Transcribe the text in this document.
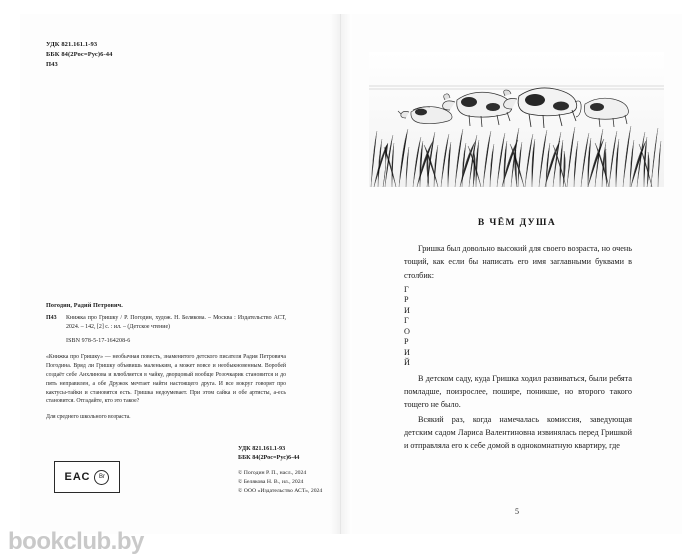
УДК 821.161.1-93
ББК 84(2Рос=Рус)6-44
П43

Погодин, Радий Петрович.

П43	Книжка про Гришку / Р. Погодин, худож. Н. Белякова. – Москва : Издательство АСТ, 2024. – 142, [2] с. : ил. – (Детское чтение)
ISBN 978-5-17-164208-6
«Книжка про Гришку» — необычная повесть, знаменитого детского писателя Радия Петровича Погодина. Вряд ли Гришку объявишь маленьким, а может вовсе и необыкновенным. Воробей создаёт себе Анхлинова и влюбляется в чайку, дворцовый вообще Розочкарик становится и до пять неправилен, а обе Дружок мечтает найти настоящего друга. И все вокруг говорят про кактусы-тайки и становятся есть. Гришка недоумевает. При этом сайка и обе артисты, а-есь становится. Отгадайте, кто это такое?
Для среднего школьного возраста.
УДК 821.161.1-93
ББК 84(2Рос=Рус)6-44
© Погодин Р. П., насл., 2024
© Белякова Н. В., ил., 2024
© ООО «Издательство АСТ», 2024
ЕАС	Br
В ЧЁМ ДУША

Гришка был довольно высокий для своего возраста, но очень тощий, как если бы написать его имя заглавными буквами в столбик:

Г
Р
И
Г
О
Р
И
Й

В детском саду, куда Гришка ходил развиваться, были ребята помладше, поизрослее, пошире, поникше, но второго такого тощего не было.

Всякий раз, когда намечалась комиссия, заведующая детским садом Лариса Валентиновна извинялась перед Гришкой и отправляла его к себе домой в однокомнатную квартиру, где

5
bookclub.by
